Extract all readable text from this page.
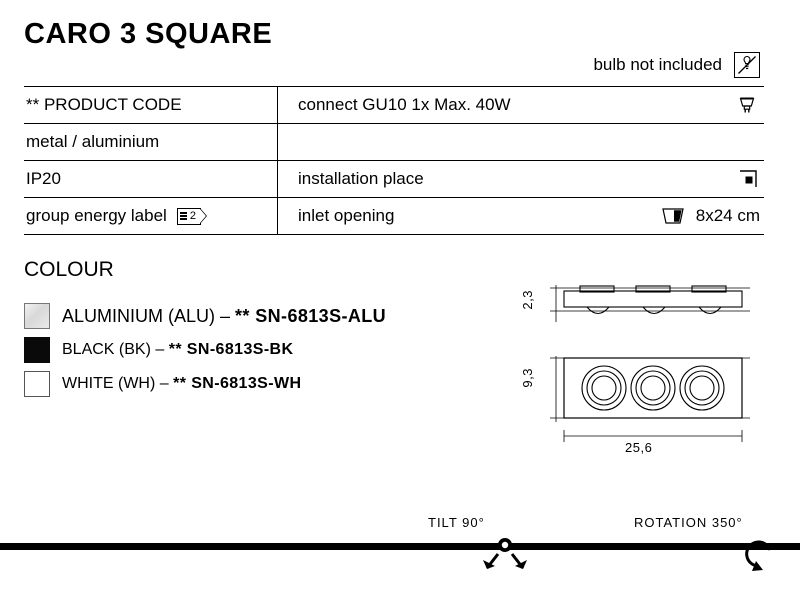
CARO 3 SQUARE
bulb not included
** PRODUCT CODE	connect GU10 1x Max. 40W
metal / aluminium
IP20	installation place
group energy label 2	inlet opening	8x24 cm
COLOUR
ALUMINIUM (ALU) – ** SN-6813S-ALU
BLACK (BK) – ** SN-6813S-BK
WHITE (WH) – ** SN-6813S-WH
2,3
9,3
25,6
TILT 90°	ROTATION 350°
